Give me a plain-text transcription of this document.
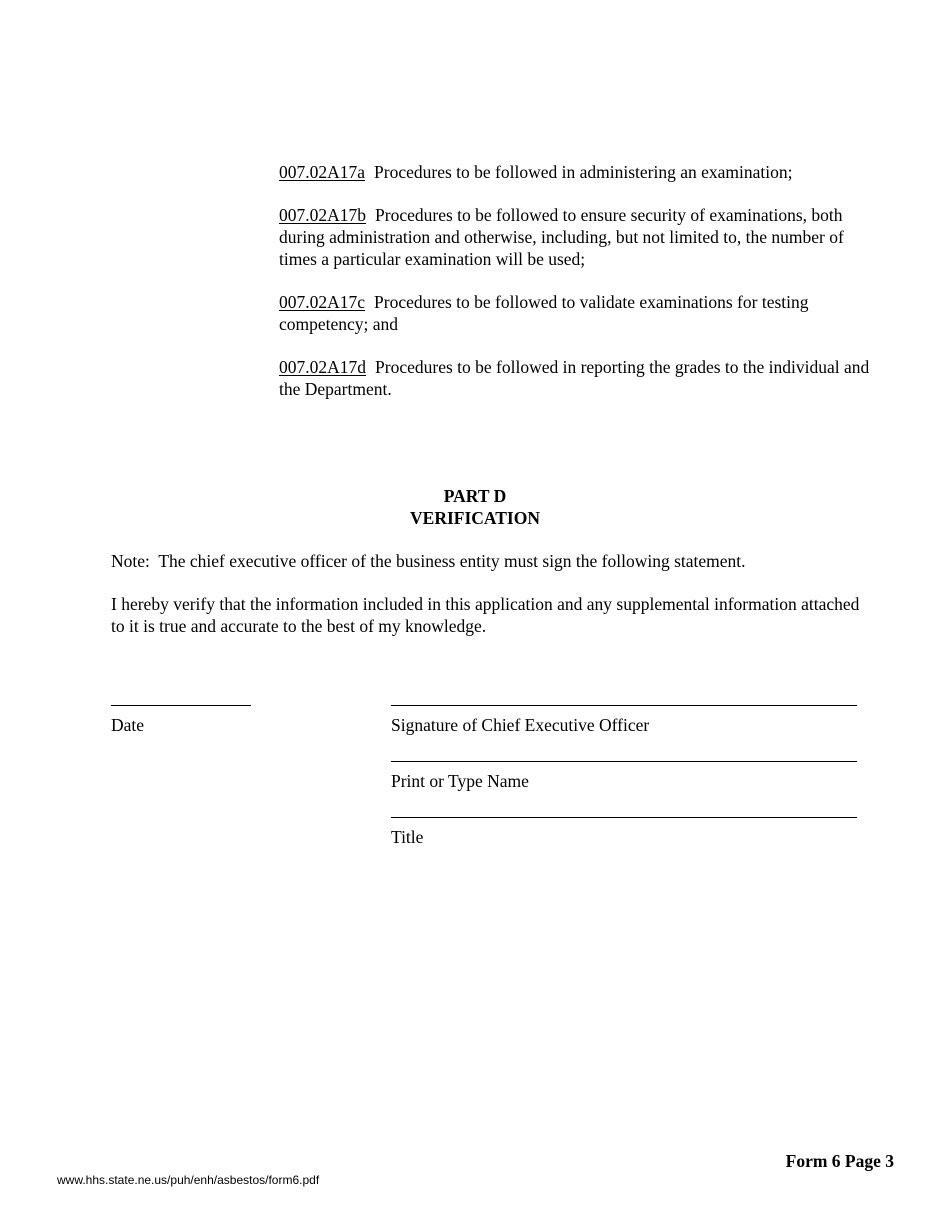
007.02A17a Procedures to be followed in administering an examination;

007.02A17b Procedures to be followed to ensure security of examinations, both during administration and otherwise, including, but not limited to, the number of times a particular examination will be used;

007.02A17c Procedures to be followed to validate examinations for testing competency; and

007.02A17d Procedures to be followed in reporting the grades to the individual and the Department.

PART D

VERIFICATION

Note:  The chief executive officer of the business entity must sign the following statement.

I hereby verify that the information included in this application and any supplemental information attached to it is true and accurate to the best of my knowledge.

Date	Signature of Chief Executive Officer

Print or Type Name

Title

Form 6 Page 3

www.hhs.state.ne.us/puh/enh/asbestos/form6.pdf
